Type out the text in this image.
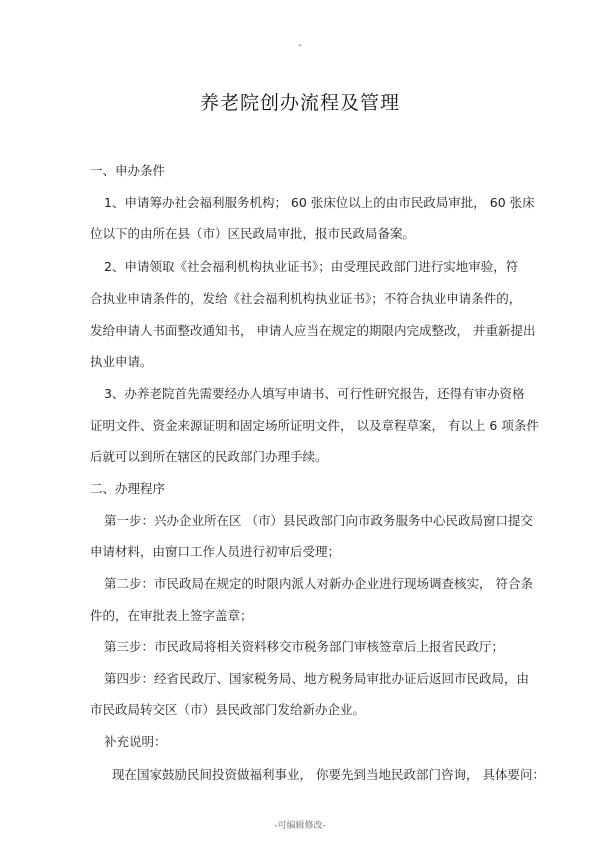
-
养老院创办流程及管理
一、申办条件
1、申请筹办社会福利服务机构； 60 张床位以上的由市民政局审批， 60 张床
位以下的由所在县（市）区民政局审批，报市民政局备案。
2、申请领取《社会福利机构执业证书》；由受理民政部门进行实地审验，符
合执业申请条件的，发给《社会福利机构执业证书》；不符合执业申请条件的，
发给申请人书面整改通知书， 申请人应当在规定的期限内完成整改， 并重新提出
执业申请。
3、办养老院首先需要经办人填写申请书、可行性研究报告，还得有审办资格
证明文件、资金来源证明和固定场所证明文件， 以及章程草案， 有以上 6 项条件
后就可以到所在辖区的民政部门办理手续。
二、办理程序
第一步：兴办企业所在区 （市）县民政部门向市政务服务中心民政局窗口提交
申请材料，由窗口工作人员进行初审后受理；
第二步：市民政局在规定的时限内派人对新办企业进行现场调查核实， 符合条
件的，在审批表上签字盖章；
第三步：市民政局将相关资料移交市税务部门审核签章后上报省民政厅；
第四步：经省民政厅、国家税务局、地方税务局审批办证后返回市民政局，由
市民政局转交区（市）县民政部门发给新办企业。
补充说明：
现在国家鼓励民间投资做福利事业， 你要先到当地民政部门咨询， 具体要问：
-可编辑修改-
